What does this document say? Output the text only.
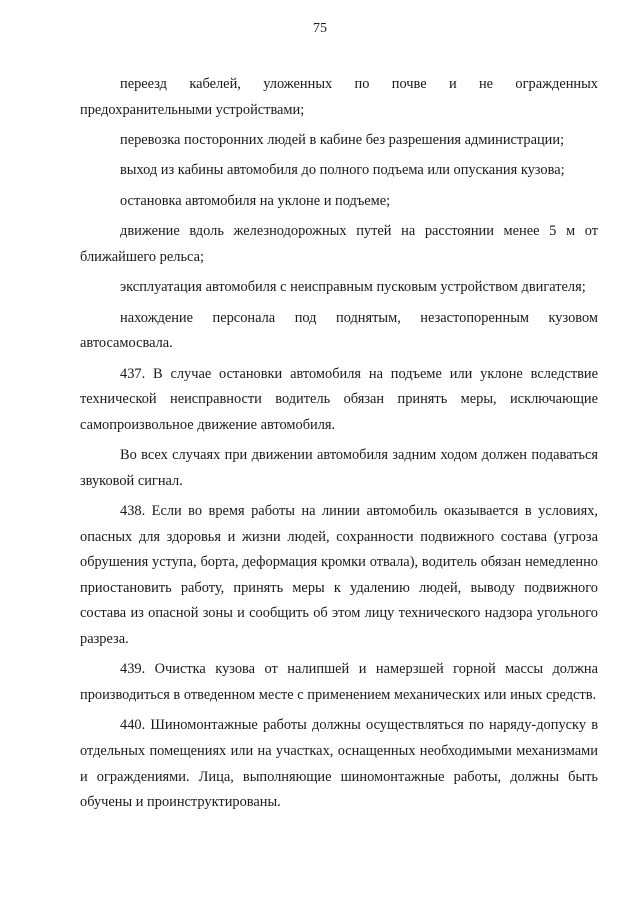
75

переезд кабелей, уложенных по почве и не огражденных предохранительными устройствами;

перевозка посторонних людей в кабине без разрешения администрации;

выход из кабины автомобиля до полного подъема или опускания кузова;

остановка автомобиля на уклоне и подъеме;

движение вдоль железнодорожных путей на расстоянии менее 5 м от ближайшего рельса;

эксплуатация автомобиля с неисправным пусковым устройством двигателя;

нахождение персонала под поднятым, незастопоренным кузовом автосамосвала.

437. В случае остановки автомобиля на подъеме или уклоне вследствие технической неисправности водитель обязан принять меры, исключающие самопроизвольное движение автомобиля.

Во всех случаях при движении автомобиля задним ходом должен подаваться звуковой сигнал.

438. Если во время работы на линии автомобиль оказывается в условиях, опасных для здоровья и жизни людей, сохранности подвижного состава (угроза обрушения уступа, борта, деформация кромки отвала), водитель обязан немедленно приостановить работу, принять меры к удалению людей, выводу подвижного состава из опасной зоны и сообщить об этом лицу технического надзора угольного разреза.

439. Очистка кузова от налипшей и намерзшей горной массы должна производиться в отведенном месте с применением механических или иных средств.

440. Шиномонтажные работы должны осуществляться по наряду-допуску в отдельных помещениях или на участках, оснащенных необходимыми механизмами и ограждениями. Лица, выполняющие шиномонтажные работы, должны быть обучены и проинструктированы.
